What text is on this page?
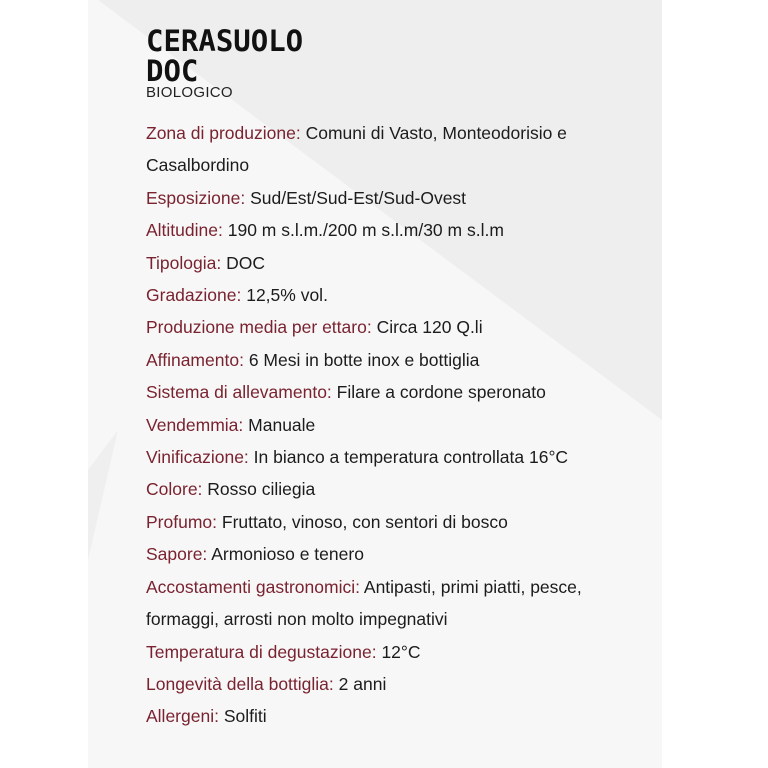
CERASUOLO
DOC
BIOLOGICO
Zona di produzione: Comuni di Vasto, Monteodorisio e
Casalbordino
Esposizione: Sud/Est/Sud-Est/Sud-Ovest
Altitudine: 190 m s.l.m./200 m s.l.m/30 m s.l.m
Tipologia: DOC
Gradazione: 12,5% vol.
Produzione media per ettaro: Circa 120 Q.li
Affinamento: 6 Mesi in botte inox e bottiglia
Sistema di allevamento: Filare a cordone speronato
Vendemmia: Manuale
Vinificazione: In bianco a temperatura controllata 16°C
Colore: Rosso ciliegia
Profumo: Fruttato, vinoso, con sentori di bosco
Sapore: Armonioso e tenero
Accostamenti gastronomici: Antipasti, primi piatti, pesce,
formaggi, arrosti non molto impegnativi
Temperatura di degustazione: 12°C
Longevità della bottiglia: 2 anni
Allergeni: Solfiti
